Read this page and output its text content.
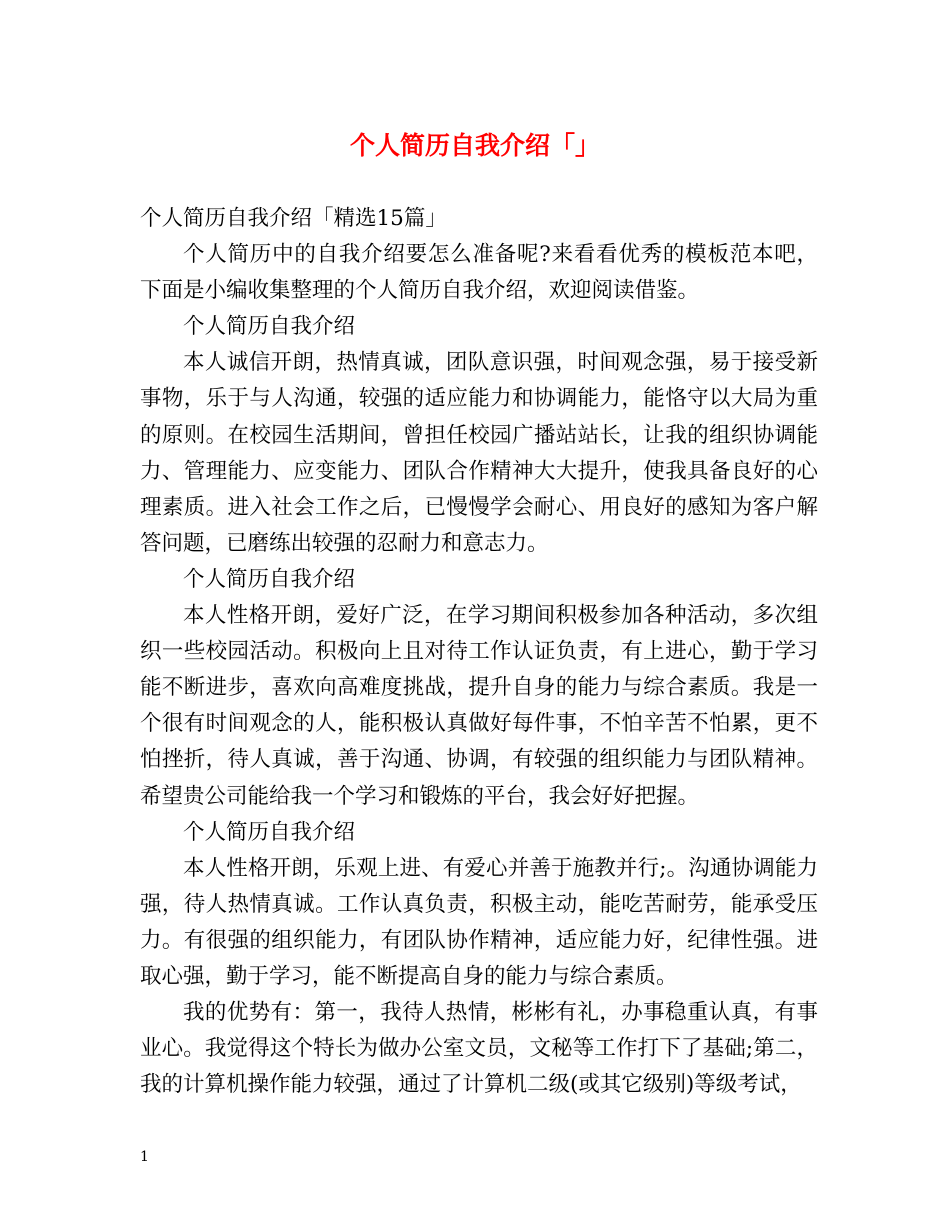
个人简历自我介绍「」

个人简历自我介绍「精选15篇」

个人简历中的自我介绍要怎么准备呢?来看看优秀的模板范本吧，下面是小编收集整理的个人简历自我介绍，欢迎阅读借鉴。

个人简历自我介绍

本人诚信开朗，热情真诚，团队意识强，时间观念强，易于接受新事物，乐于与人沟通，较强的适应能力和协调能力，能恪守以大局为重的原则。在校园生活期间，曾担任校园广播站站长，让我的组织协调能力、管理能力、应变能力、团队合作精神大大提升，使我具备良好的心理素质。进入社会工作之后，已慢慢学会耐心、用良好的感知为客户解答问题，已磨练出较强的忍耐力和意志力。

个人简历自我介绍

本人性格开朗，爱好广泛，在学习期间积极参加各种活动，多次组织一些校园活动。积极向上且对待工作认证负责，有上进心，勤于学习能不断进步，喜欢向高难度挑战，提升自身的能力与综合素质。我是一个很有时间观念的人，能积极认真做好每件事，不怕辛苦不怕累，更不怕挫折，待人真诚，善于沟通、协调，有较强的组织能力与团队精神。希望贵公司能给我一个学习和锻炼的平台，我会好好把握。

个人简历自我介绍

本人性格开朗，乐观上进、有爱心并善于施教并行;。沟通协调能力强，待人热情真诚。工作认真负责，积极主动，能吃苦耐劳，能承受压力。有很强的组织能力，有团队协作精神，适应能力好，纪律性强。进取心强，勤于学习，能不断提高自身的能力与综合素质。

我的优势有：第一，我待人热情，彬彬有礼，办事稳重认真，有事业心。我觉得这个特长为做办公室文员，文秘等工作打下了基础;第二，我的计算机操作能力较强，通过了计算机二级(或其它级别)等级考试，

1
